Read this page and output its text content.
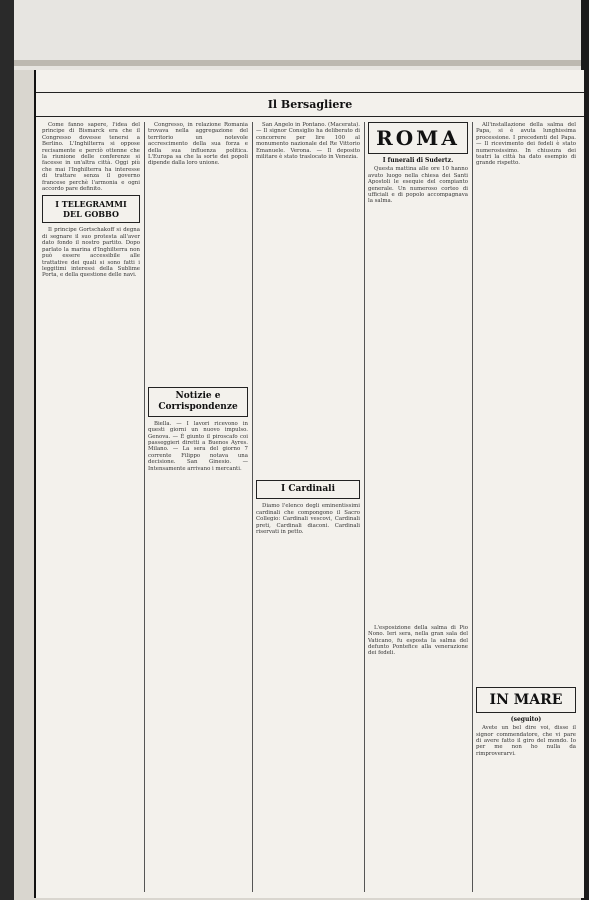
Il Bersagliere

Come fanno sapere, l'idea del principe di Bismarck era che il Congresso dovesse tenersi a Berlino. L'Inghilterra si oppose recisamente e perciò ottenne che la riunione delle conferenze si facesse in un'altra città. Oggi più che mai l'Inghilterra ha interesse di trattare senza il governo francese perchè l'armonia e ogni accordo pare definito.

I TELEGRAMMI DEL GOBBO

Il principe Gortschakoff si degna di segnare il suo protesta all'aver dato fondo il nostro partito. Dopo parlato la marina d'Inghilterra non può essere accessibile alle trattative dei quali si sono fatti i leggitimi interessi della Sublime Porta, e della questione delle navi.

Congresso, in relazione Romania trovava nella aggregazione del territorio un notevole accrescimento della sua forza e della sua influenza politica. L'Europa sa che la sorte dei popoli dipende dalla loro unione.

Notizie e Corrispondenze

Biella. — I lavori ricevono in questi giorni un nuovo impulso. Genova. — È giunto il piroscafo coi passeggieri diretti a Buenos Ayres. Milano. — La sera del giorno 7 corrente Filippo notava una decisione. San Ginesio. — Intensamente arrivano i mercanti.

San Angelo in Pontano. (Macerata). — Il signor Consiglio ha deliberato di concorrere per lire 100 al monumento nazionale del Re Vittorio Emanuele. Verona. — Il deposito militare è stato traslocato in Venezia.

I Cardinali

Diamo l'elenco degli eminentissimi cardinali che compongono il Sacro Collegio: Cardinali vescovi, Cardinali preti, Cardinali diaconi. Cardinali riservati in petto.

ROMA
I funerali di Sudertz.

Questa mattina alle ore 10 hanno avuto luogo nella chiesa dei Santi Apostoli le esequie del compianto generale. Un numeroso corteo di ufficiali e di popolo accompagnava la salma.

L'esposizione della salma di Pio Nono. Ieri sera, nella gran sala del Vaticano, fu esposta la salma del defunto Pontefice alla venerazione dei fedeli.

All'installazione della salma del Papa, si è avuta lunghissima processione. I precedenti del Papa. — Il ricevimento dei fedeli è stato numerosissimo. In chiusura dei teatri la città ha dato esempio di grande rispetto.

IN MARE
(seguito)

Avete un bel dire voi, disse il signor commendatore, che vi pare di avere fatto il giro del mondo. Io per me non ho nulla da rimproverarvi.
